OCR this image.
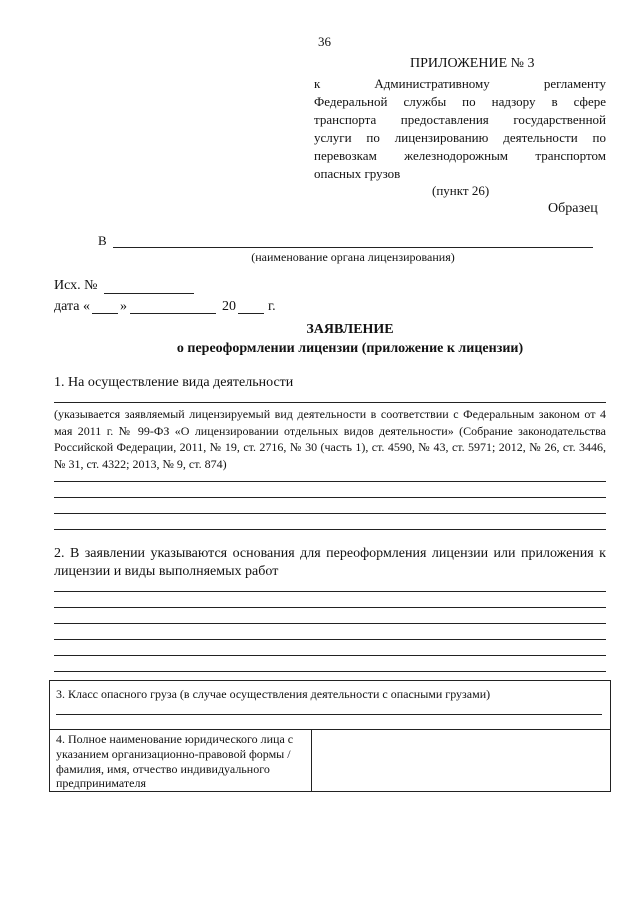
36
ПРИЛОЖЕНИЕ № 3
к Административному регламенту
Федеральной службы по надзору в сфере
транспорта предоставления государственной
услуги по лицензированию деятельности по
перевозкам железнодорожным транспортом
опасных грузов
(пункт 26)
Образец
В
(наименование органа лицензирования)
Исх. №
дата « »	20 г.
ЗАЯВЛЕНИЕ
о переоформлении лицензии (приложение к лицензии)
1. На осуществление вида деятельности
(указывается заявляемый лицензируемый вид деятельности в соответствии с Федеральным законом от 4 мая 2011 г. № 99-ФЗ «О лицензировании отдельных видов деятельности» (Собрание законодательства Российской Федерации, 2011, № 19, ст. 2716, № 30 (часть 1), ст. 4590, № 43, ст. 5971; 2012, № 26, ст. 3446, № 31, ст. 4322; 2013, № 9, ст. 874)
2. В заявлении указываются основания для переоформления лицензии или приложения к лицензии и виды выполняемых работ
3. Класс опасного груза (в случае осуществления деятельности с опасными грузами)
4. Полное наименование юридического лица с указанием организационно-правовой формы / фамилия, имя, отчество индивидуального предпринимателя
